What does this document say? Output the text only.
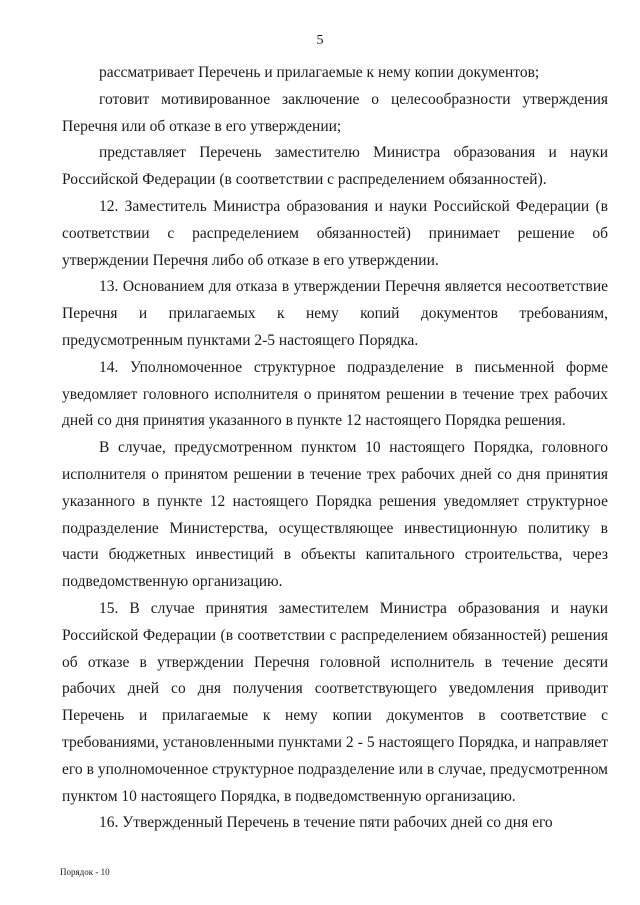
5

рассматривает Перечень и прилагаемые к нему копии документов;

готовит мотивированное заключение о целесообразности утверждения Перечня или об отказе в его утверждении;

представляет Перечень заместителю Министра образования и науки Российской Федерации (в соответствии с распределением обязанностей).

12. Заместитель Министра образования и науки Российской Федерации (в соответствии с распределением обязанностей) принимает решение об утверждении Перечня либо об отказе в его утверждении.

13. Основанием для отказа в утверждении Перечня является несоответствие Перечня и прилагаемых к нему копий документов требованиям, предусмотренным пунктами 2-5 настоящего Порядка.

14. Уполномоченное структурное подразделение в письменной форме уведомляет головного исполнителя о принятом решении в течение трех рабочих дней со дня принятия указанного в пункте 12 настоящего Порядка решения.

В случае, предусмотренном пунктом 10 настоящего Порядка, головного исполнителя о принятом решении в течение трех рабочих дней со дня принятия указанного в пункте 12 настоящего Порядка решения уведомляет структурное подразделение Министерства, осуществляющее инвестиционную политику в части бюджетных инвестиций в объекты капитального строительства, через подведомственную организацию.

15. В случае принятия заместителем Министра образования и науки Российской Федерации (в соответствии с распределением обязанностей) решения об отказе в утверждении Перечня головной исполнитель в течение десяти рабочих дней со дня получения соответствующего уведомления приводит Перечень и прилагаемые к нему копии документов в соответствие с требованиями, установленными пунктами 2 - 5 настоящего Порядка, и направляет его в уполномоченное структурное подразделение или в случае, предусмотренном пунктом 10 настоящего Порядка, в подведомственную организацию.

16. Утвержденный Перечень в течение пяти рабочих дней со дня его

Порядок - 10
